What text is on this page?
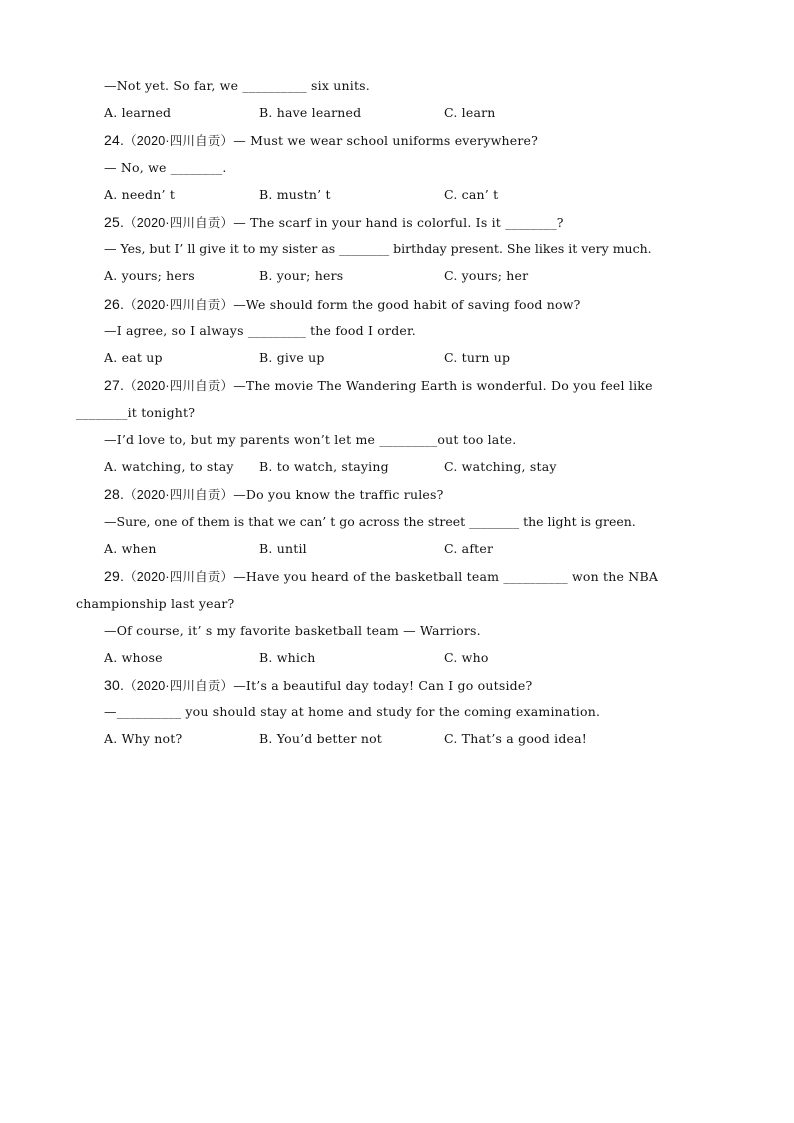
—Not yet. So far, we __________ six units.
A. learned	B. have learned	C. learn
24.（2020·四川自贡）— Must we wear school uniforms everywhere?
— No, we ________.
A. needn’ t	B. mustn’ t	C. can’ t
25.（2020·四川自贡）— The scarf in your hand is colorful. Is it ________?
— Yes, but I’ ll give it to my sister as ________ birthday present. She likes it very much.
A. yours; hers	B. your; hers	C. yours; her
26.（2020·四川自贡）—We should form the good habit of saving food now?
—I agree, so I always _________ the food I order.
A. eat up	B. give up	C. turn up
27.（2020·四川自贡）—The movie The Wandering Earth is wonderful. Do you feel like
________it tonight?
—I’d love to, but my parents won’t let me _________out too late.
A. watching, to stay B. to watch, staying	C. watching, stay
28.（2020·四川自贡）—Do you know the traffic rules?
—Sure, one of them is that we can’ t go across the street ________ the light is green.
A. when	B. until	C. after
29.（2020·四川自贡）—Have you heard of the basketball team __________ won the NBA
championship last year?
—Of course, it’ s my favorite basketball team — Warriors.
A. whose	B. which	C. who
30.（2020·四川自贡）—It’s a beautiful day today! Can I go outside?
—__________ you should stay at home and study for the coming examination.
A. Why not?	B. You’d better not	C. That’s a good idea!
